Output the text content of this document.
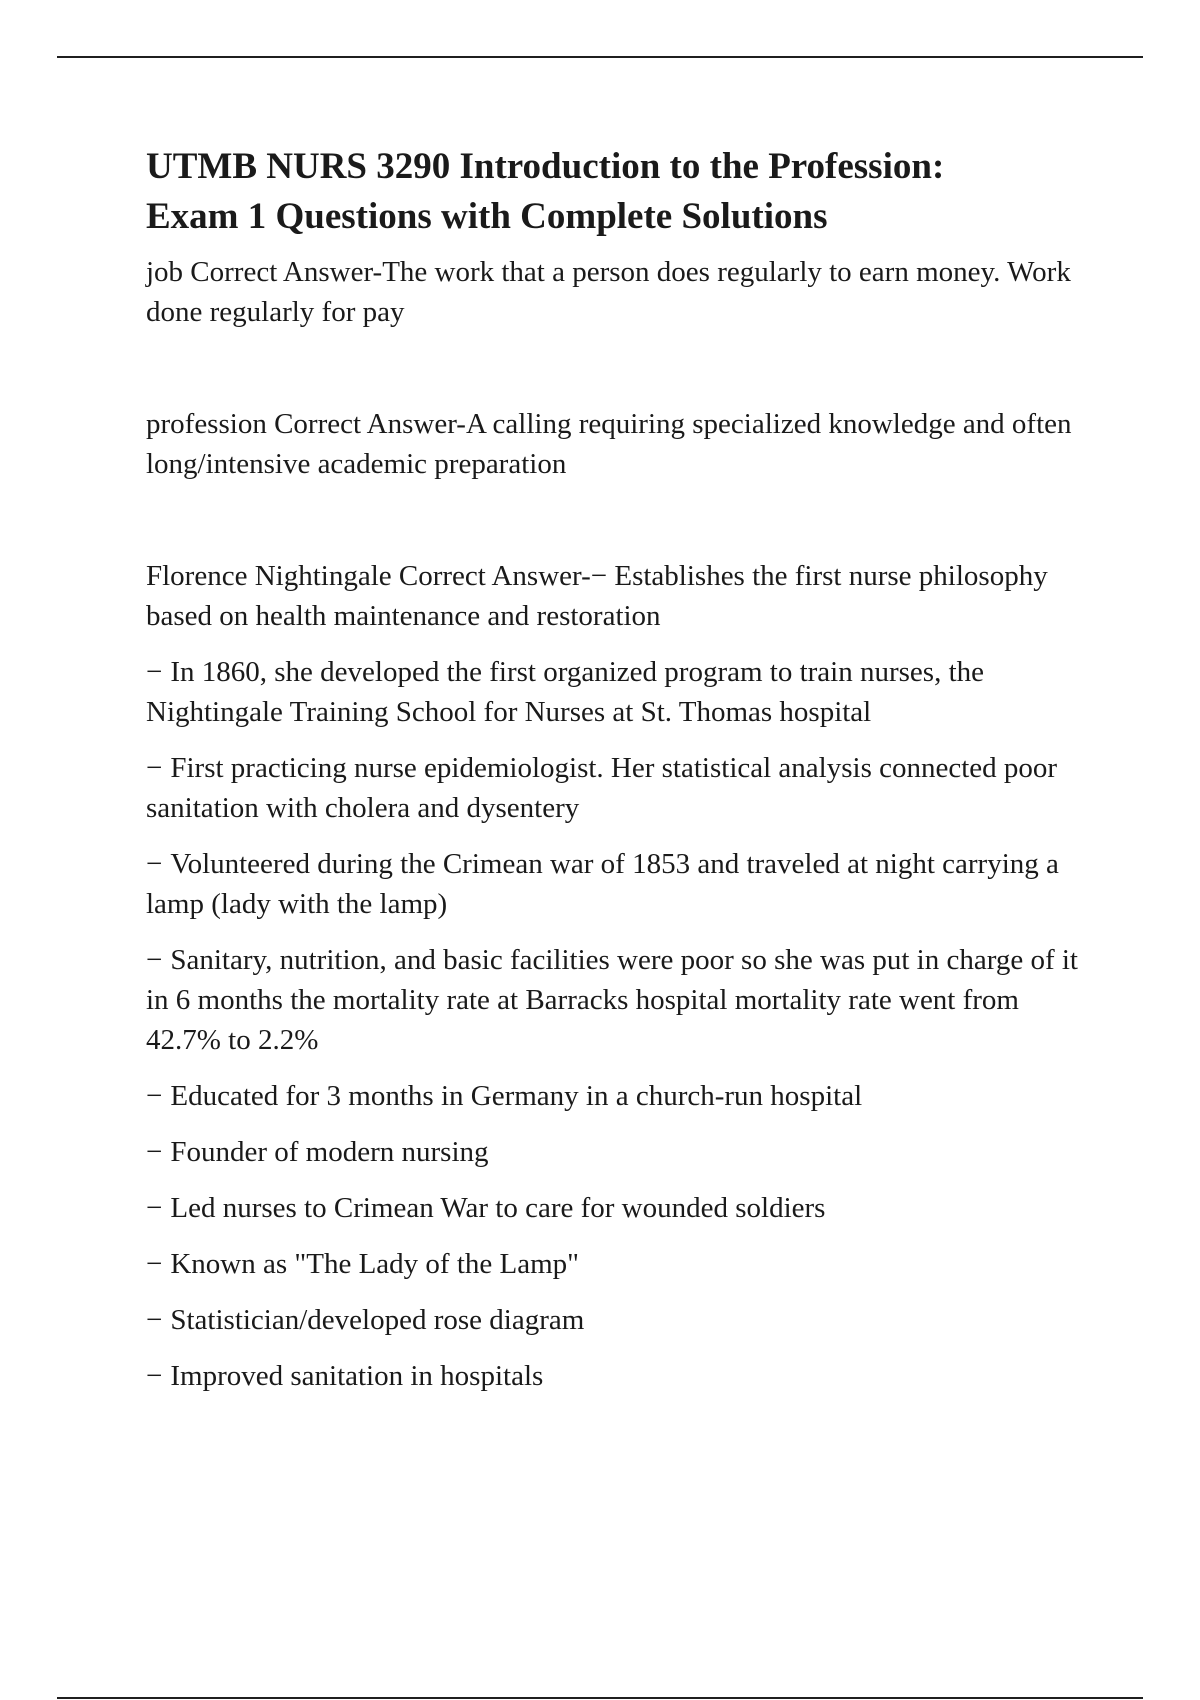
UTMB NURS 3290 Introduction to the Profession:
Exam 1 Questions with Complete Solutions

job Correct Answer-The work that a person does regularly to earn money. Work done regularly for pay

profession Correct Answer-A calling requiring specialized knowledge and often long/intensive academic preparation

Florence Nightingale Correct Answer-− Establishes the first nurse philosophy based on health maintenance and restoration

− In 1860, she developed the first organized program to train nurses, the Nightingale Training School for Nurses at St. Thomas hospital

− First practicing nurse epidemiologist. Her statistical analysis connected poor sanitation with cholera and dysentery

− Volunteered during the Crimean war of 1853 and traveled at night carrying a lamp (lady with the lamp)

− Sanitary, nutrition, and basic facilities were poor so she was put in charge of it in 6 months the mortality rate at Barracks hospital mortality rate went from 42.7% to 2.2%

− Educated for 3 months in Germany in a church-run hospital

− Founder of modern nursing

− Led nurses to Crimean War to care for wounded soldiers

− Known as "The Lady of the Lamp"

− Statistician/developed rose diagram

− Improved sanitation in hospitals
